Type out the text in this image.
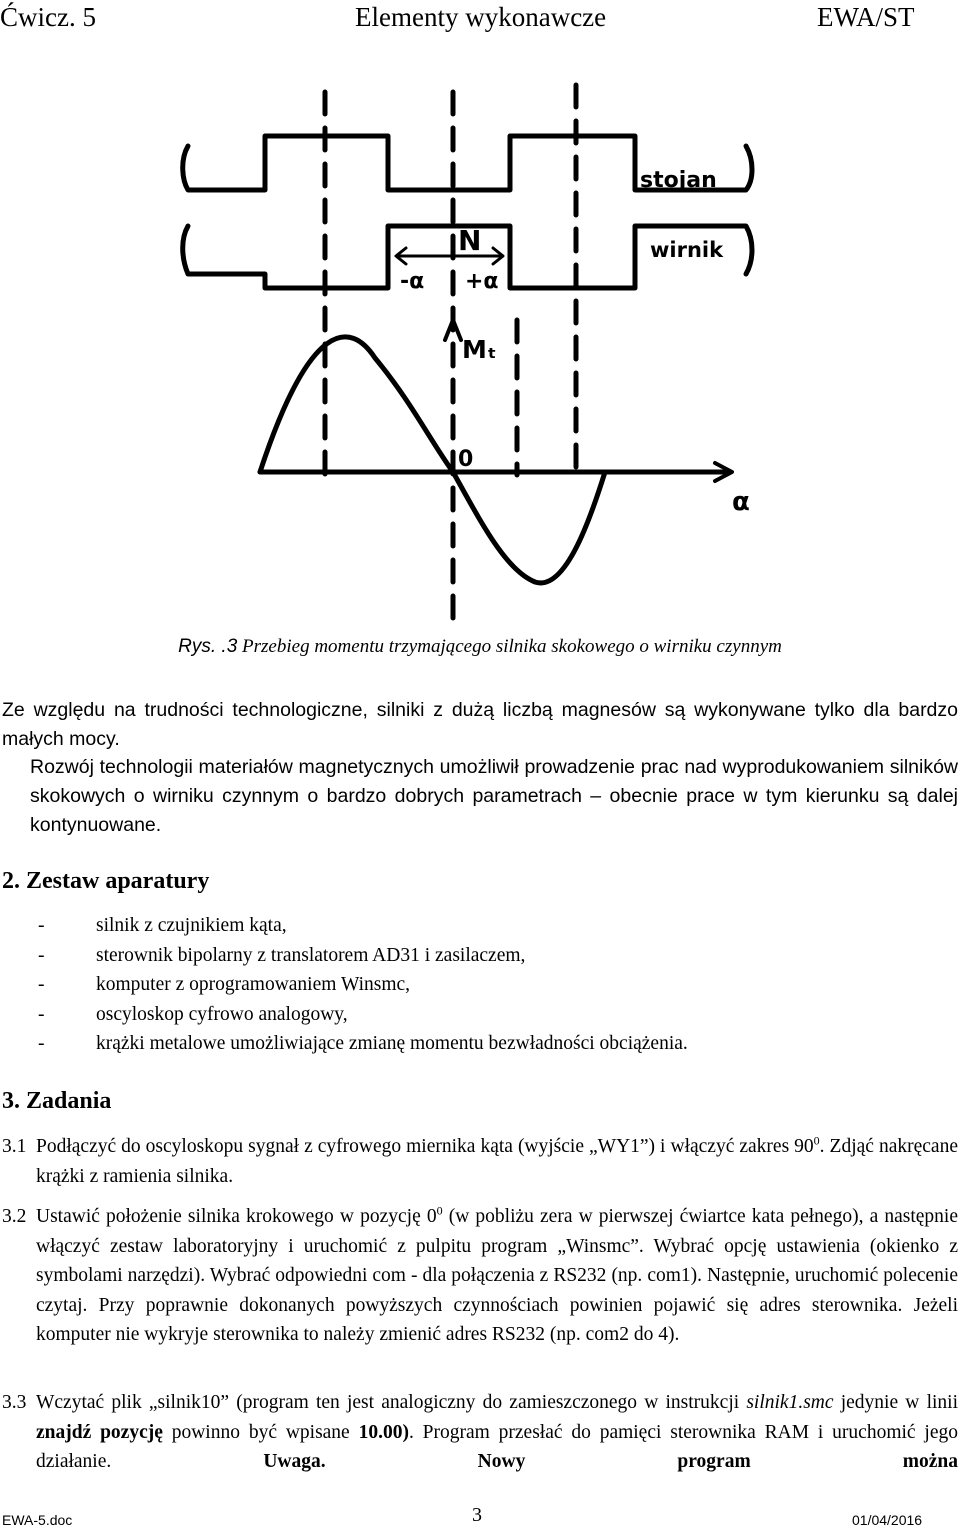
Ćwicz. 5	Elementy wykonawcze	EWA/ST
stojan
wirnik
N
-α +α
Mₜ
0
α
Rys. .3 Przebieg momentu trzymającego silnika skokowego o wirniku czynnym
Ze względu na trudności technologiczne, silniki z dużą liczbą magnesów są wykonywane tylko dla bardzo małych mocy.
Rozwój technologii materiałów magnetycznych umożliwił prowadzenie prac nad wyprodukowaniem silników skokowych o wirniku czynnym o bardzo dobrych parametrach – obecnie prace w tym kierunku są dalej kontynuowane.
2. Zestaw aparatury
-	silnik z czujnikiem kąta,
-	sterownik bipolarny z translatorem AD31 i zasilaczem,
-	komputer z oprogramowaniem Winsmc,
-	oscyloskop cyfrowo analogowy,
-	krążki metalowe umożliwiające zmianę momentu bezwładności obciążenia.
3. Zadania
3.1 Podłączyć do oscyloskopu sygnał z cyfrowego miernika kąta (wyjście „WY1”) i włączyć zakres $90^0$. Zdjąć nakręcane krążki z ramienia silnika.
3.2 Ustawić położenie silnika krokowego w pozycję $0^0$ (w pobliżu zera w pierwszej ćwiartce kata pełnego), a następnie włączyć zestaw laboratoryjny i uruchomić z pulpitu program „Winsmc”. Wybrać opcję ustawienia (okienko z symbolami narzędzi). Wybrać odpowiedni com - dla połączenia z RS232 (np. com1). Następnie, uruchomić polecenie czytaj. Przy poprawnie dokonanych powyższych czynnościach powinien pojawić się adres sterownika. Jeżeli komputer nie wykryje sterownika to należy zmienić adres RS232 (np. com2 do 4).
3.3 Wczytać plik „silnik10” (program ten jest analogiczny do zamieszczonego w instrukcji silnik1.smc jedynie w linii znajdź pozycję powinno być wpisane 10.00). Program przesłać do pamięci sterownika RAM i uruchomić jego działanie. Uwaga.	Nowy program można
EWA-5.doc	3	01/04/2016
